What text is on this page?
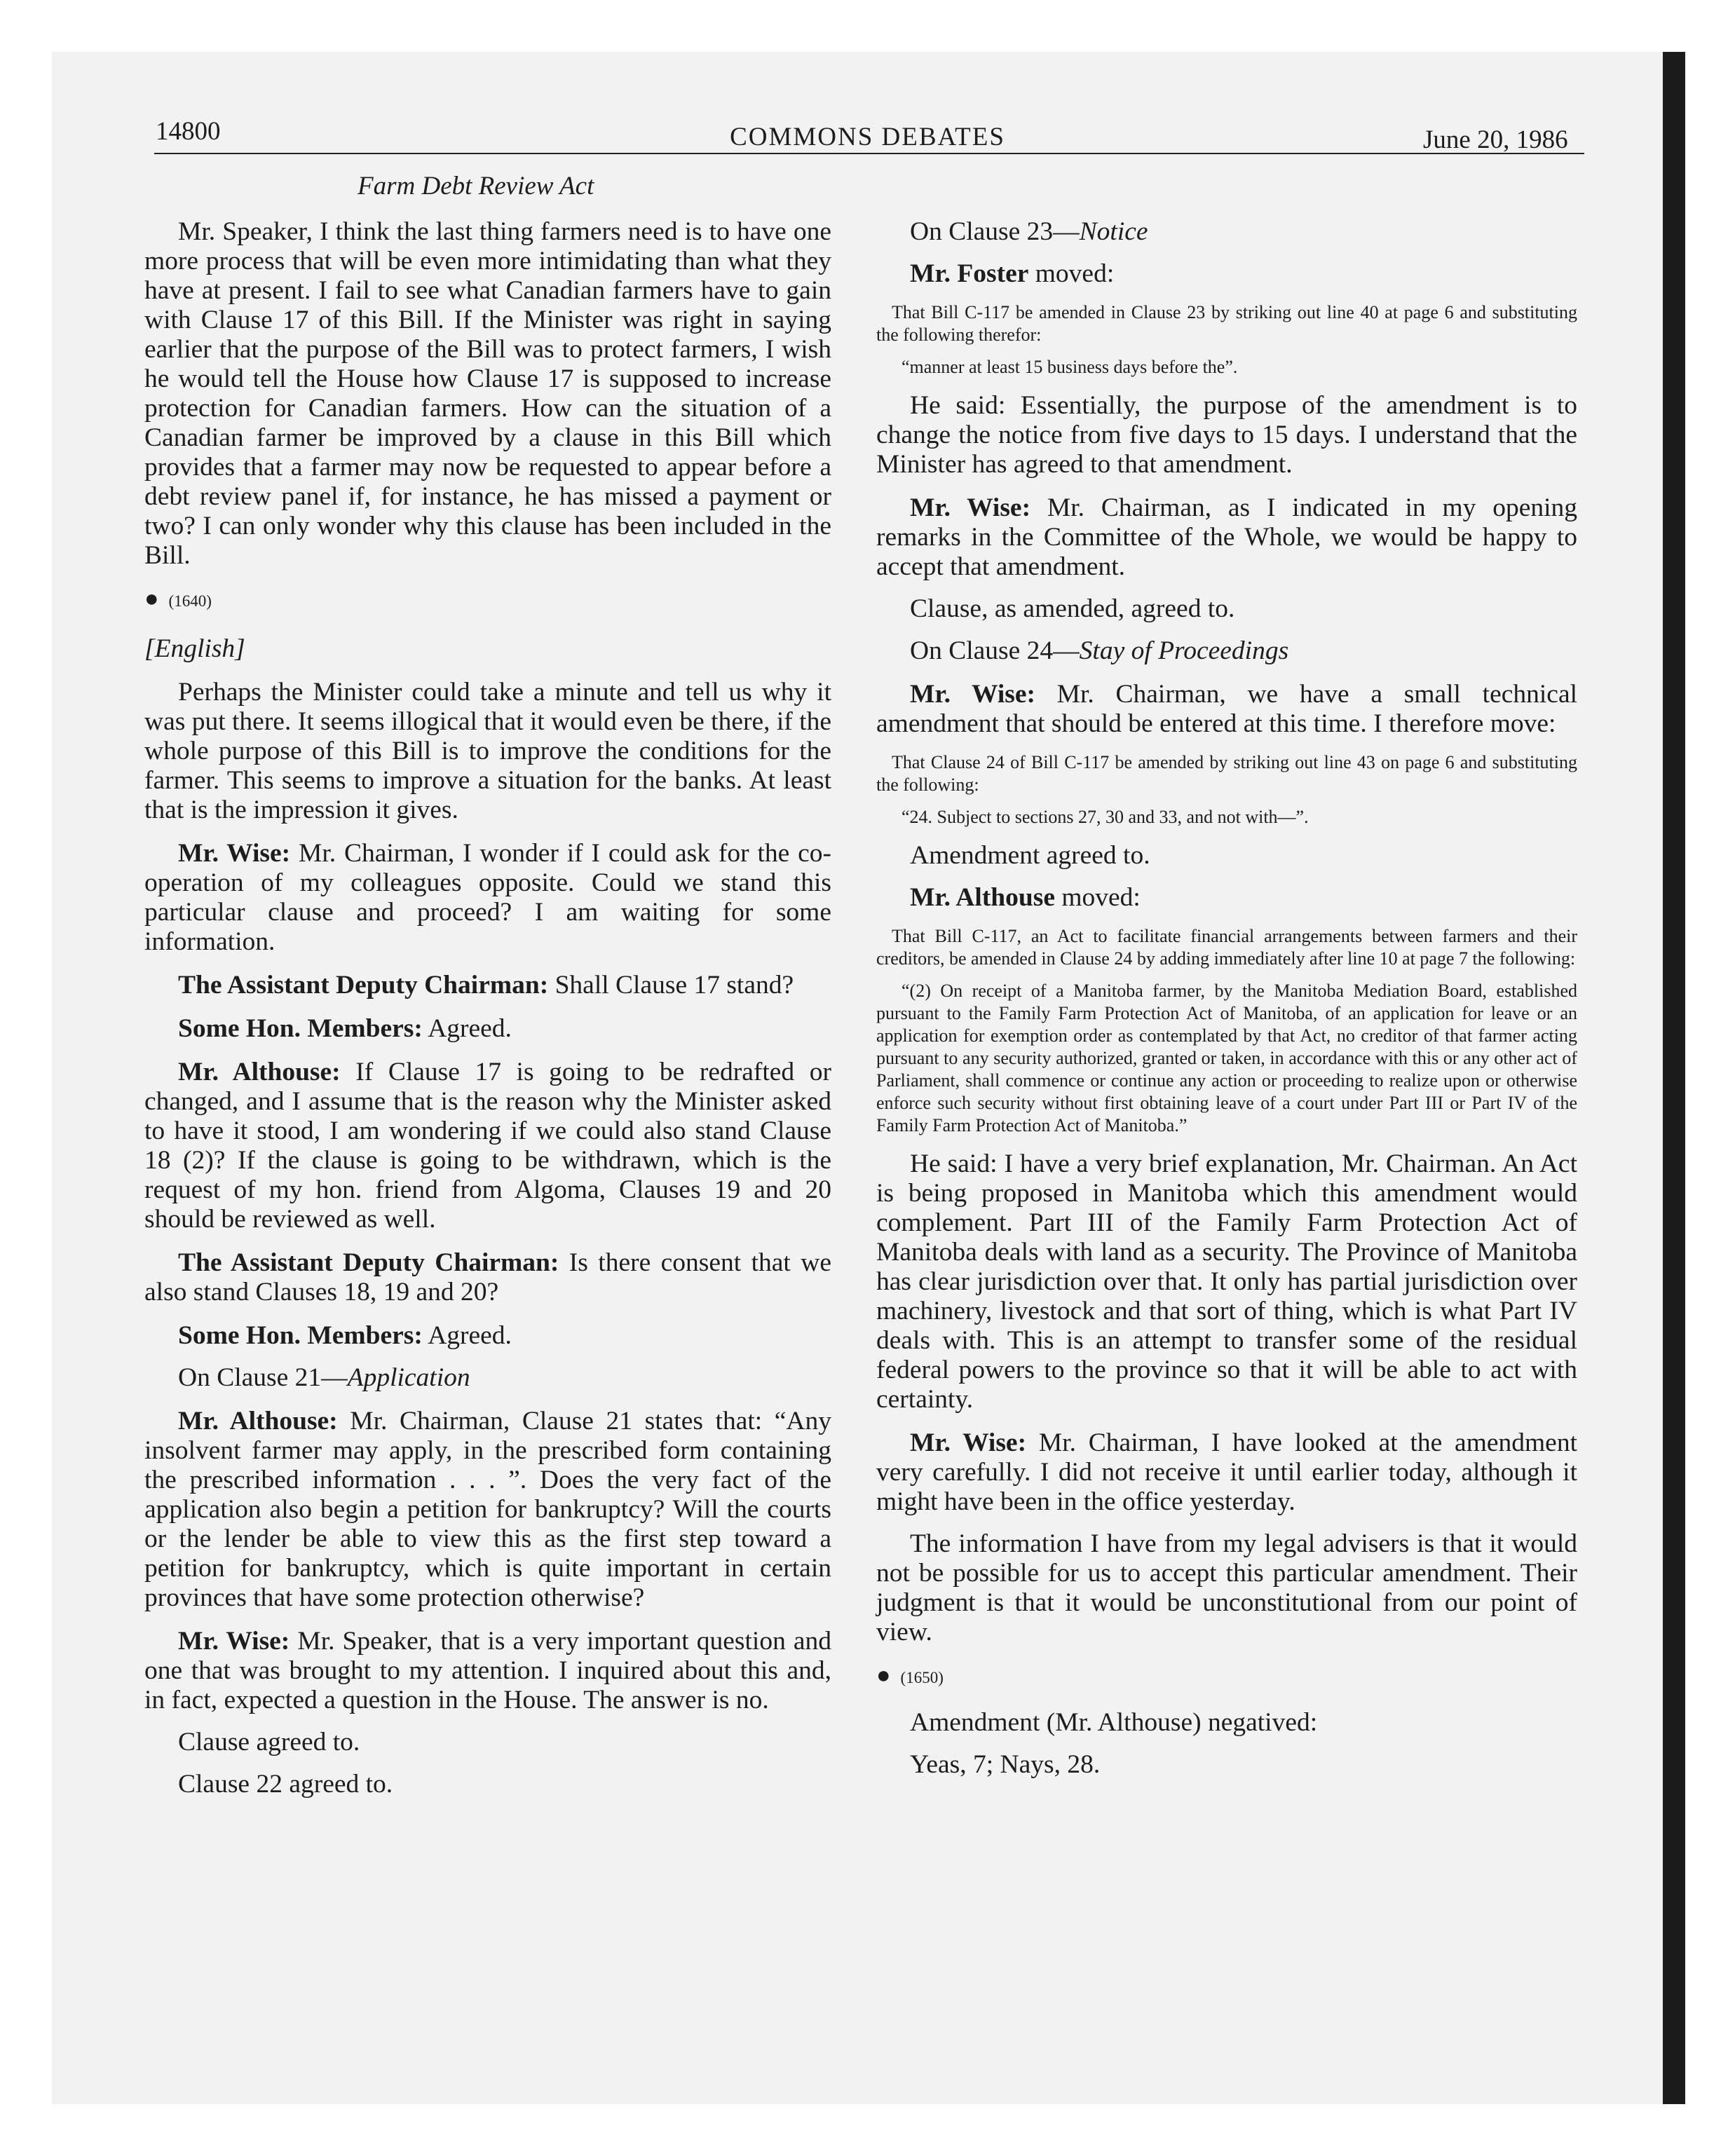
14800	COMMONS DEBATES	June 20, 1986
Farm Debt Review Act

Mr. Speaker, I think the last thing farmers need is to have one more process that will be even more intimidating than what they have at present. I fail to see what Canadian farmers have to gain with Clause 17 of this Bill. If the Minister was right in saying earlier that the purpose of the Bill was to protect farmers, I wish he would tell the House how Clause 17 is supposed to increase protection for Canadian farmers. How can the situation of a Canadian farmer be improved by a clause in this Bill which provides that a farmer may now be requested to appear before a debt review panel if, for instance, he has missed a payment or two? I can only wonder why this clause has been included in the Bill.

● (1640)
[English]

Perhaps the Minister could take a minute and tell us why it was put there. It seems illogical that it would even be there, if the whole purpose of this Bill is to improve the conditions for the farmer. This seems to improve a situation for the banks. At least that is the impression it gives.

Mr. Wise: Mr. Chairman, I wonder if I could ask for the co-operation of my colleagues opposite. Could we stand this particular clause and proceed? I am waiting for some information.

The Assistant Deputy Chairman: Shall Clause 17 stand?

Some Hon. Members: Agreed.

Mr. Althouse: If Clause 17 is going to be redrafted or changed, and I assume that is the reason why the Minister asked to have it stood, I am wondering if we could also stand Clause 18 (2)? If the clause is going to be withdrawn, which is the request of my hon. friend from Algoma, Clauses 19 and 20 should be reviewed as well.

The Assistant Deputy Chairman: Is there consent that we also stand Clauses 18, 19 and 20?

Some Hon. Members: Agreed.

On Clause 21—Application

Mr. Althouse: Mr. Chairman, Clause 21 states that: “Any insolvent farmer may apply, in the prescribed form containing the prescribed information . . . ”. Does the very fact of the application also begin a petition for bankruptcy? Will the courts or the lender be able to view this as the first step toward a petition for bankruptcy, which is quite important in certain provinces that have some protection otherwise?

Mr. Wise: Mr. Speaker, that is a very important question and one that was brought to my attention. I inquired about this and, in fact, expected a question in the House. The answer is no.

Clause agreed to.
Clause 22 agreed to.
On Clause 23—Notice
Mr. Foster moved:

That Bill C-117 be amended in Clause 23 by striking out line 40 at page 6 and substituting the following therefor:

“manner at least 15 business days before the”.

He said: Essentially, the purpose of the amendment is to change the notice from five days to 15 days. I understand that the Minister has agreed to that amendment.

Mr. Wise: Mr. Chairman, as I indicated in my opening remarks in the Committee of the Whole, we would be happy to accept that amendment.

Clause, as amended, agreed to.
On Clause 24—Stay of Proceedings

Mr. Wise: Mr. Chairman, we have a small technical amendment that should be entered at this time. I therefore move:

That Clause 24 of Bill C-117 be amended by striking out line 43 on page 6 and substituting the following:

“24. Subject to sections 27, 30 and 33, and not with—”.

Amendment agreed to.
Mr. Althouse moved:

That Bill C-117, an Act to facilitate financial arrangements between farmers and their creditors, be amended in Clause 24 by adding immediately after line 10 at page 7 the following:

“(2) On receipt of a Manitoba farmer, by the Manitoba Mediation Board, established pursuant to the Family Farm Protection Act of Manitoba, of an application for leave or an application for exemption order as contemplated by that Act, no creditor of that farmer acting pursuant to any security authorized, granted or taken, in accordance with this or any other act of Parliament, shall commence or continue any action or proceeding to realize upon or otherwise enforce such security without first obtaining leave of a court under Part III or Part IV of the Family Farm Protection Act of Manitoba.”

He said: I have a very brief explanation, Mr. Chairman. An Act is being proposed in Manitoba which this amendment would complement. Part III of the Family Farm Protection Act of Manitoba deals with land as a security. The Province of Manitoba has clear jurisdiction over that. It only has partial jurisdiction over machinery, livestock and that sort of thing, which is what Part IV deals with. This is an attempt to transfer some of the residual federal powers to the province so that it will be able to act with certainty.

Mr. Wise: Mr. Chairman, I have looked at the amendment very carefully. I did not receive it until earlier today, although it might have been in the office yesterday.

The information I have from my legal advisers is that it would not be possible for us to accept this particular amendment. Their judgment is that it would be unconstitutional from our point of view.

● (1650)
Amendment (Mr. Althouse) negatived:
Yeas, 7; Nays, 28.
